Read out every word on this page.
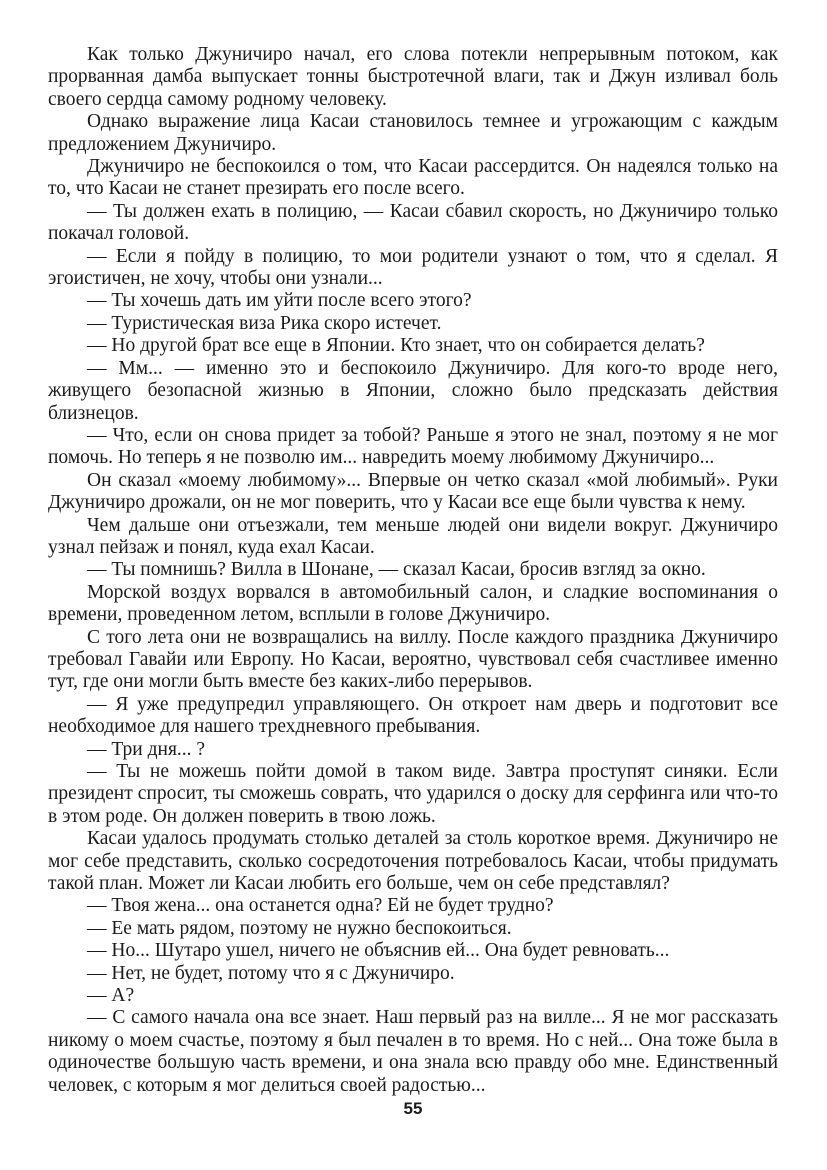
Как только Джуничиро начал, его слова потекли непрерывным потоком, как прорванная дамба выпускает тонны быстротечной влаги, так и Джун изливал боль своего сердца самому родному человеку.

Однако выражение лица Касаи становилось темнее и угрожающим с каждым предложением Джуничиро.

Джуничиро не беспокоился о том, что Касаи рассердится. Он надеялся только на то, что Касаи не станет презирать его после всего.

— Ты должен ехать в полицию, — Касаи сбавил скорость, но Джуничиро только покачал головой.

— Если я пойду в полицию, то мои родители узнают о том, что я сделал. Я эгоистичен, не хочу, чтобы они узнали...

— Ты хочешь дать им уйти после всего этого?

— Туристическая виза Рика скоро истечет.

— Но другой брат все еще в Японии. Кто знает, что он собирается делать?

— Мм... — именно это и беспокоило Джуничиро. Для кого-то вроде него, живущего безопасной жизнью в Японии, сложно было предсказать действия близнецов.

— Что, если он снова придет за тобой? Раньше я этого не знал, поэтому я не мог помочь. Но теперь я не позволю им... навредить моему любимому Джуничиро...

Он сказал «моему любимому»... Впервые он четко сказал «мой любимый». Руки Джуничиро дрожали, он не мог поверить, что у Касаи все еще были чувства к нему.

Чем дальше они отъезжали, тем меньше людей они видели вокруг. Джуничиро узнал пейзаж и понял, куда ехал Касаи.

— Ты помнишь? Вилла в Шонане, — сказал Касаи, бросив взгляд за окно.

Морской воздух ворвался в автомобильный салон, и сладкие воспоминания о времени, проведенном летом, всплыли в голове Джуничиро.

С того лета они не возвращались на виллу. После каждого праздника Джуничиро требовал Гавайи или Европу. Но Касаи, вероятно, чувствовал себя счастливее именно тут, где они могли быть вместе без каких-либо перерывов.

— Я уже предупредил управляющего. Он откроет нам дверь и подготовит все необходимое для нашего трехдневного пребывания.

— Три дня... ?

— Ты не можешь пойти домой в таком виде. Завтра проступят синяки. Если президент спросит, ты сможешь соврать, что ударился о доску для серфинга или что-то в этом роде. Он должен поверить в твою ложь.

Касаи удалось продумать столько деталей за столь короткое время. Джуничиро не мог себе представить, сколько сосредоточения потребовалось Касаи, чтобы придумать такой план. Может ли Касаи любить его больше, чем он себе представлял?

— Твоя жена... она останется одна? Ей не будет трудно?

— Ее мать рядом, поэтому не нужно беспокоиться.

— Но... Шутаро ушел, ничего не объяснив ей... Она будет ревновать...

— Нет, не будет, потому что я с Джуничиро.

— А?

— С самого начала она все знает. Наш первый раз на вилле... Я не мог рассказать никому о моем счастье, поэтому я был печален в то время. Но с ней... Она тоже была в одиночестве большую часть времени, и она знала всю правду обо мне. Единственный человек, с которым я мог делиться своей радостью...

55
